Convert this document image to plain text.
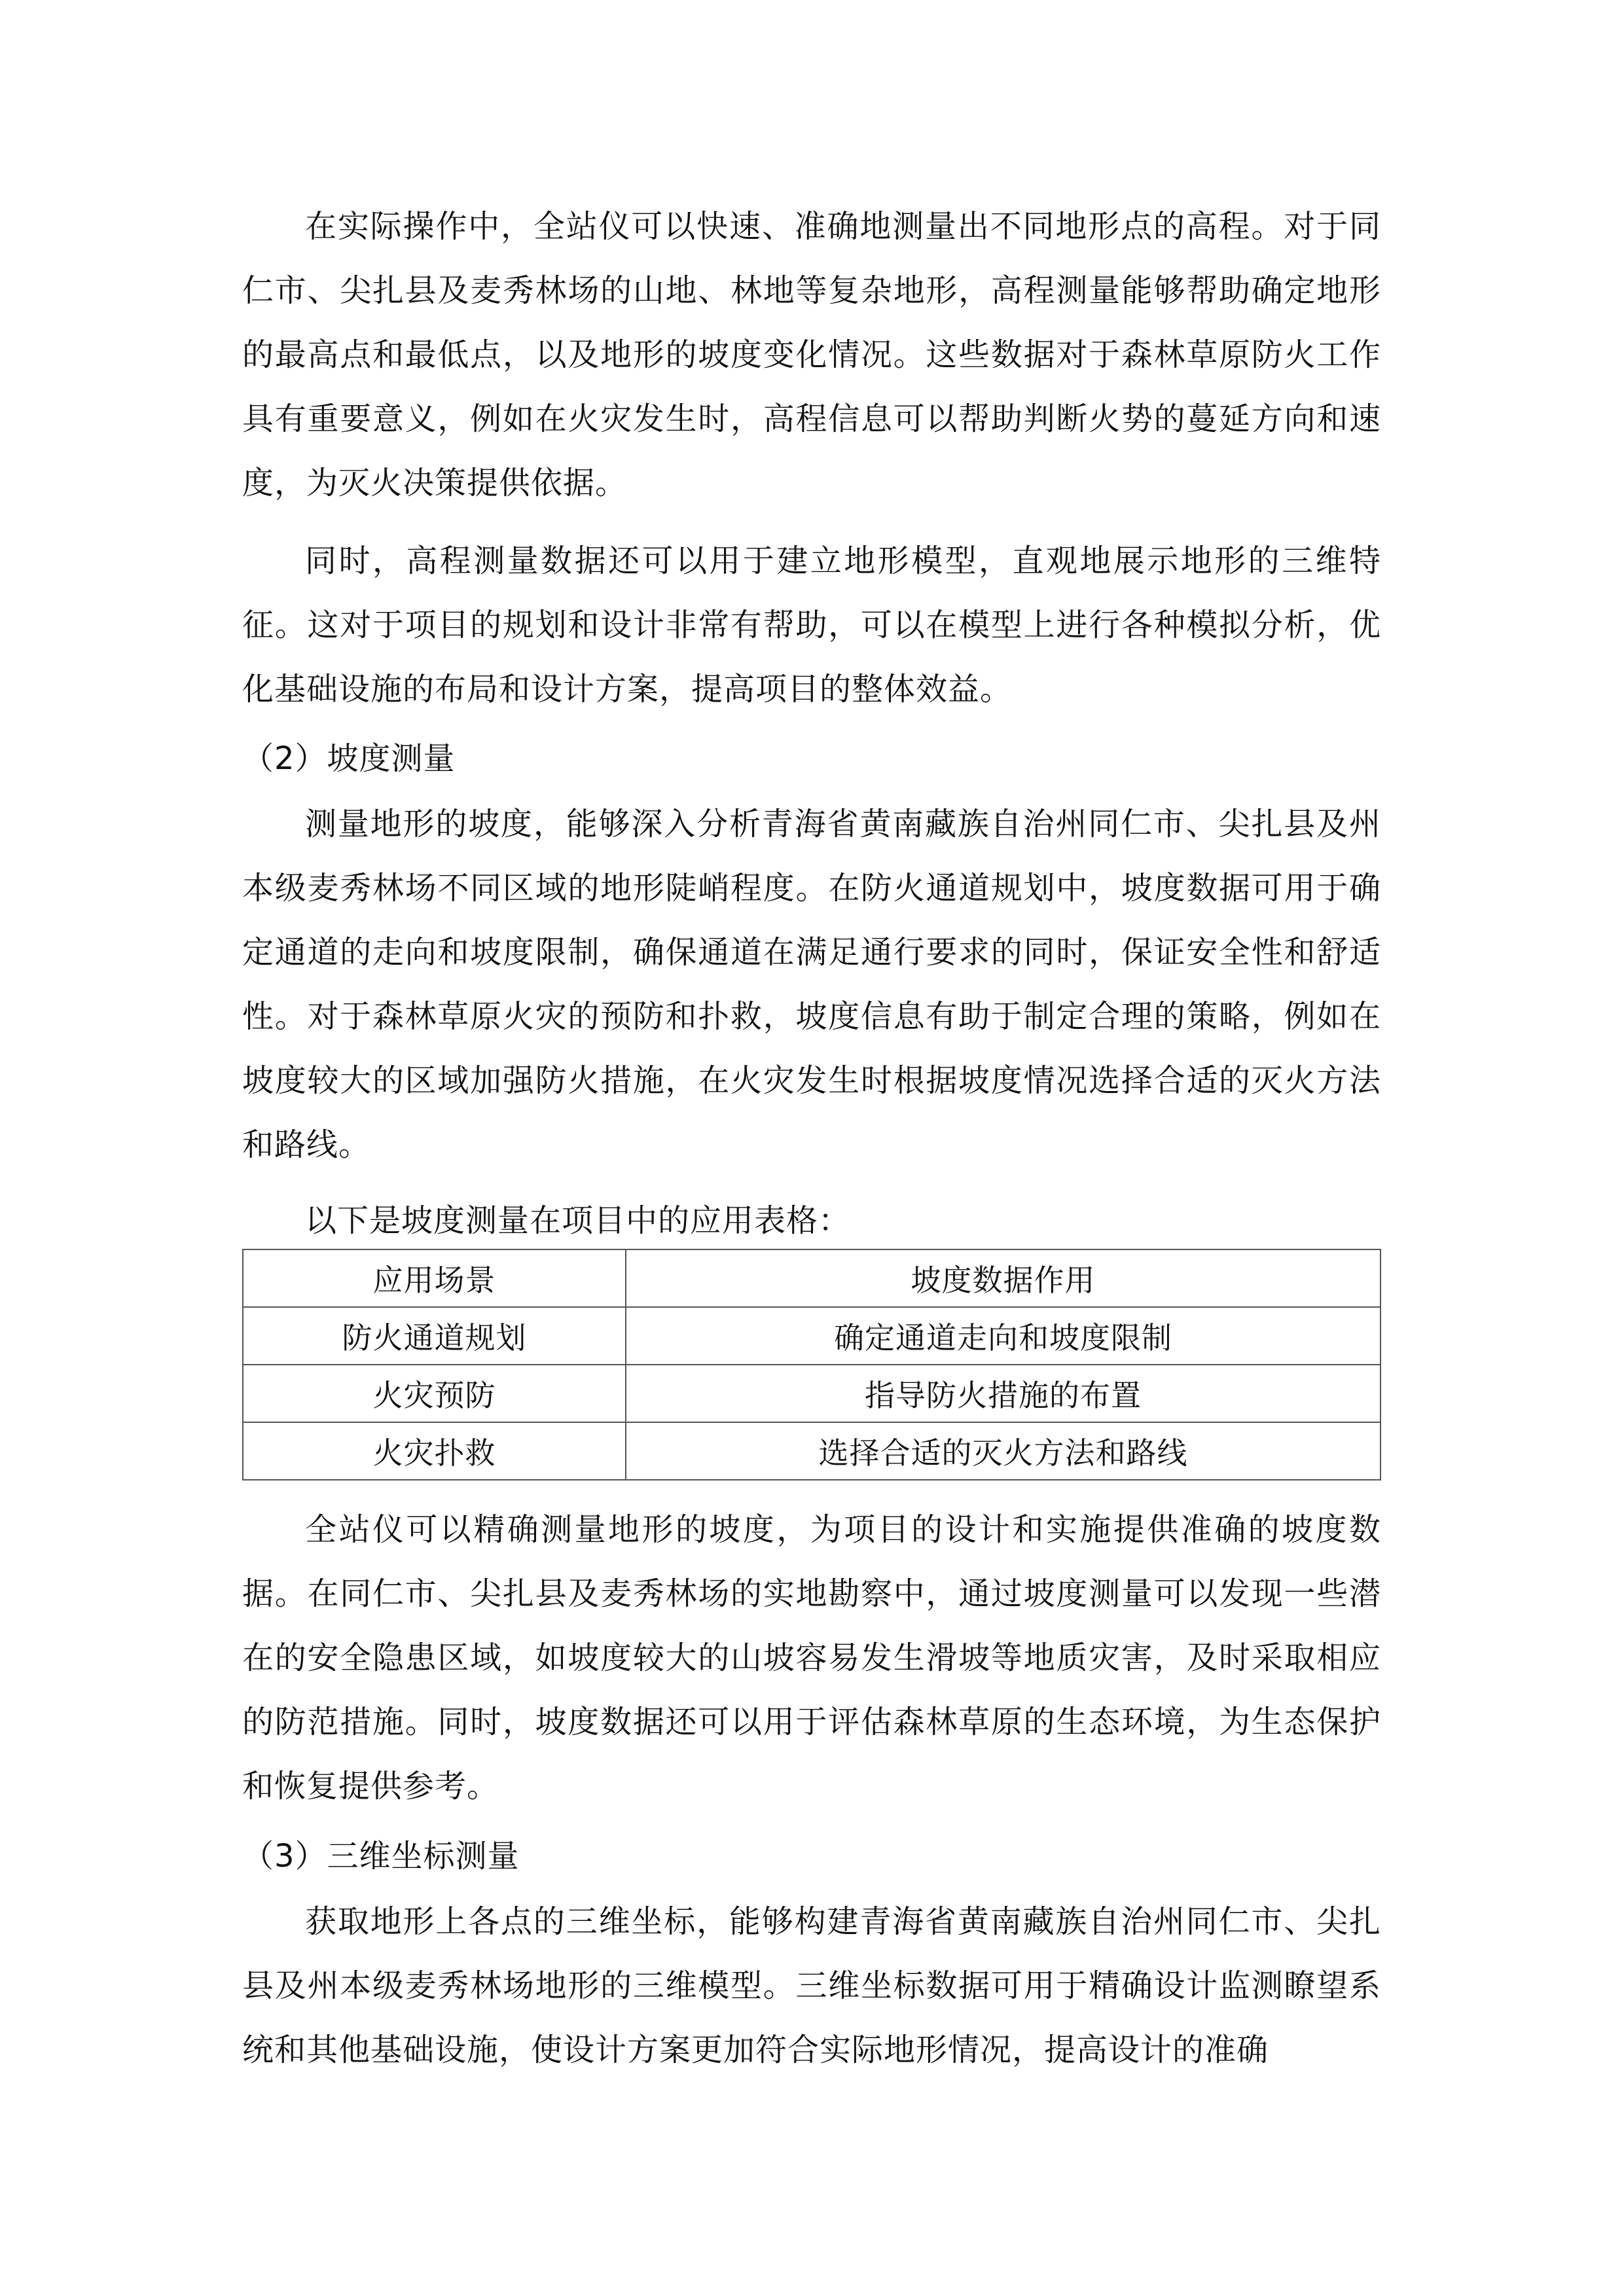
在实际操作中，全站仪可以快速、准确地测量出不同地形点的高程。对于同仁市、尖扎县及麦秀林场的山地、林地等复杂地形，高程测量能够帮助确定地形的最高点和最低点，以及地形的坡度变化情况。这些数据对于森林草原防火工作具有重要意义，例如在火灾发生时，高程信息可以帮助判断火势的蔓延方向和速度，为灭火决策提供依据。

同时，高程测量数据还可以用于建立地形模型，直观地展示地形的三维特征。这对于项目的规划和设计非常有帮助，可以在模型上进行各种模拟分析，优化基础设施的布局和设计方案，提高项目的整体效益。

（2）坡度测量

测量地形的坡度，能够深入分析青海省黄南藏族自治州同仁市、尖扎县及州本级麦秀林场不同区域的地形陡峭程度。在防火通道规划中，坡度数据可用于确定通道的走向和坡度限制，确保通道在满足通行要求的同时，保证安全性和舒适性。对于森林草原火灾的预防和扑救，坡度信息有助于制定合理的策略，例如在坡度较大的区域加强防火措施，在火灾发生时根据坡度情况选择合适的灭火方法和路线。

以下是坡度测量在项目中的应用表格：

应用场景	坡度数据作用
防火通道规划	确定通道走向和坡度限制
火灾预防	指导防火措施的布置
火灾扑救	选择合适的灭火方法和路线

全站仪可以精确测量地形的坡度，为项目的设计和实施提供准确的坡度数据。在同仁市、尖扎县及麦秀林场的实地勘察中，通过坡度测量可以发现一些潜在的安全隐患区域，如坡度较大的山坡容易发生滑坡等地质灾害，及时采取相应的防范措施。同时，坡度数据还可以用于评估森林草原的生态环境，为生态保护和恢复提供参考。

（3）三维坐标测量

获取地形上各点的三维坐标，能够构建青海省黄南藏族自治州同仁市、尖扎县及州本级麦秀林场地形的三维模型。三维坐标数据可用于精确设计监测瞭望系统和其他基础设施，使设计方案更加符合实际地形情况，提高设计的准确
